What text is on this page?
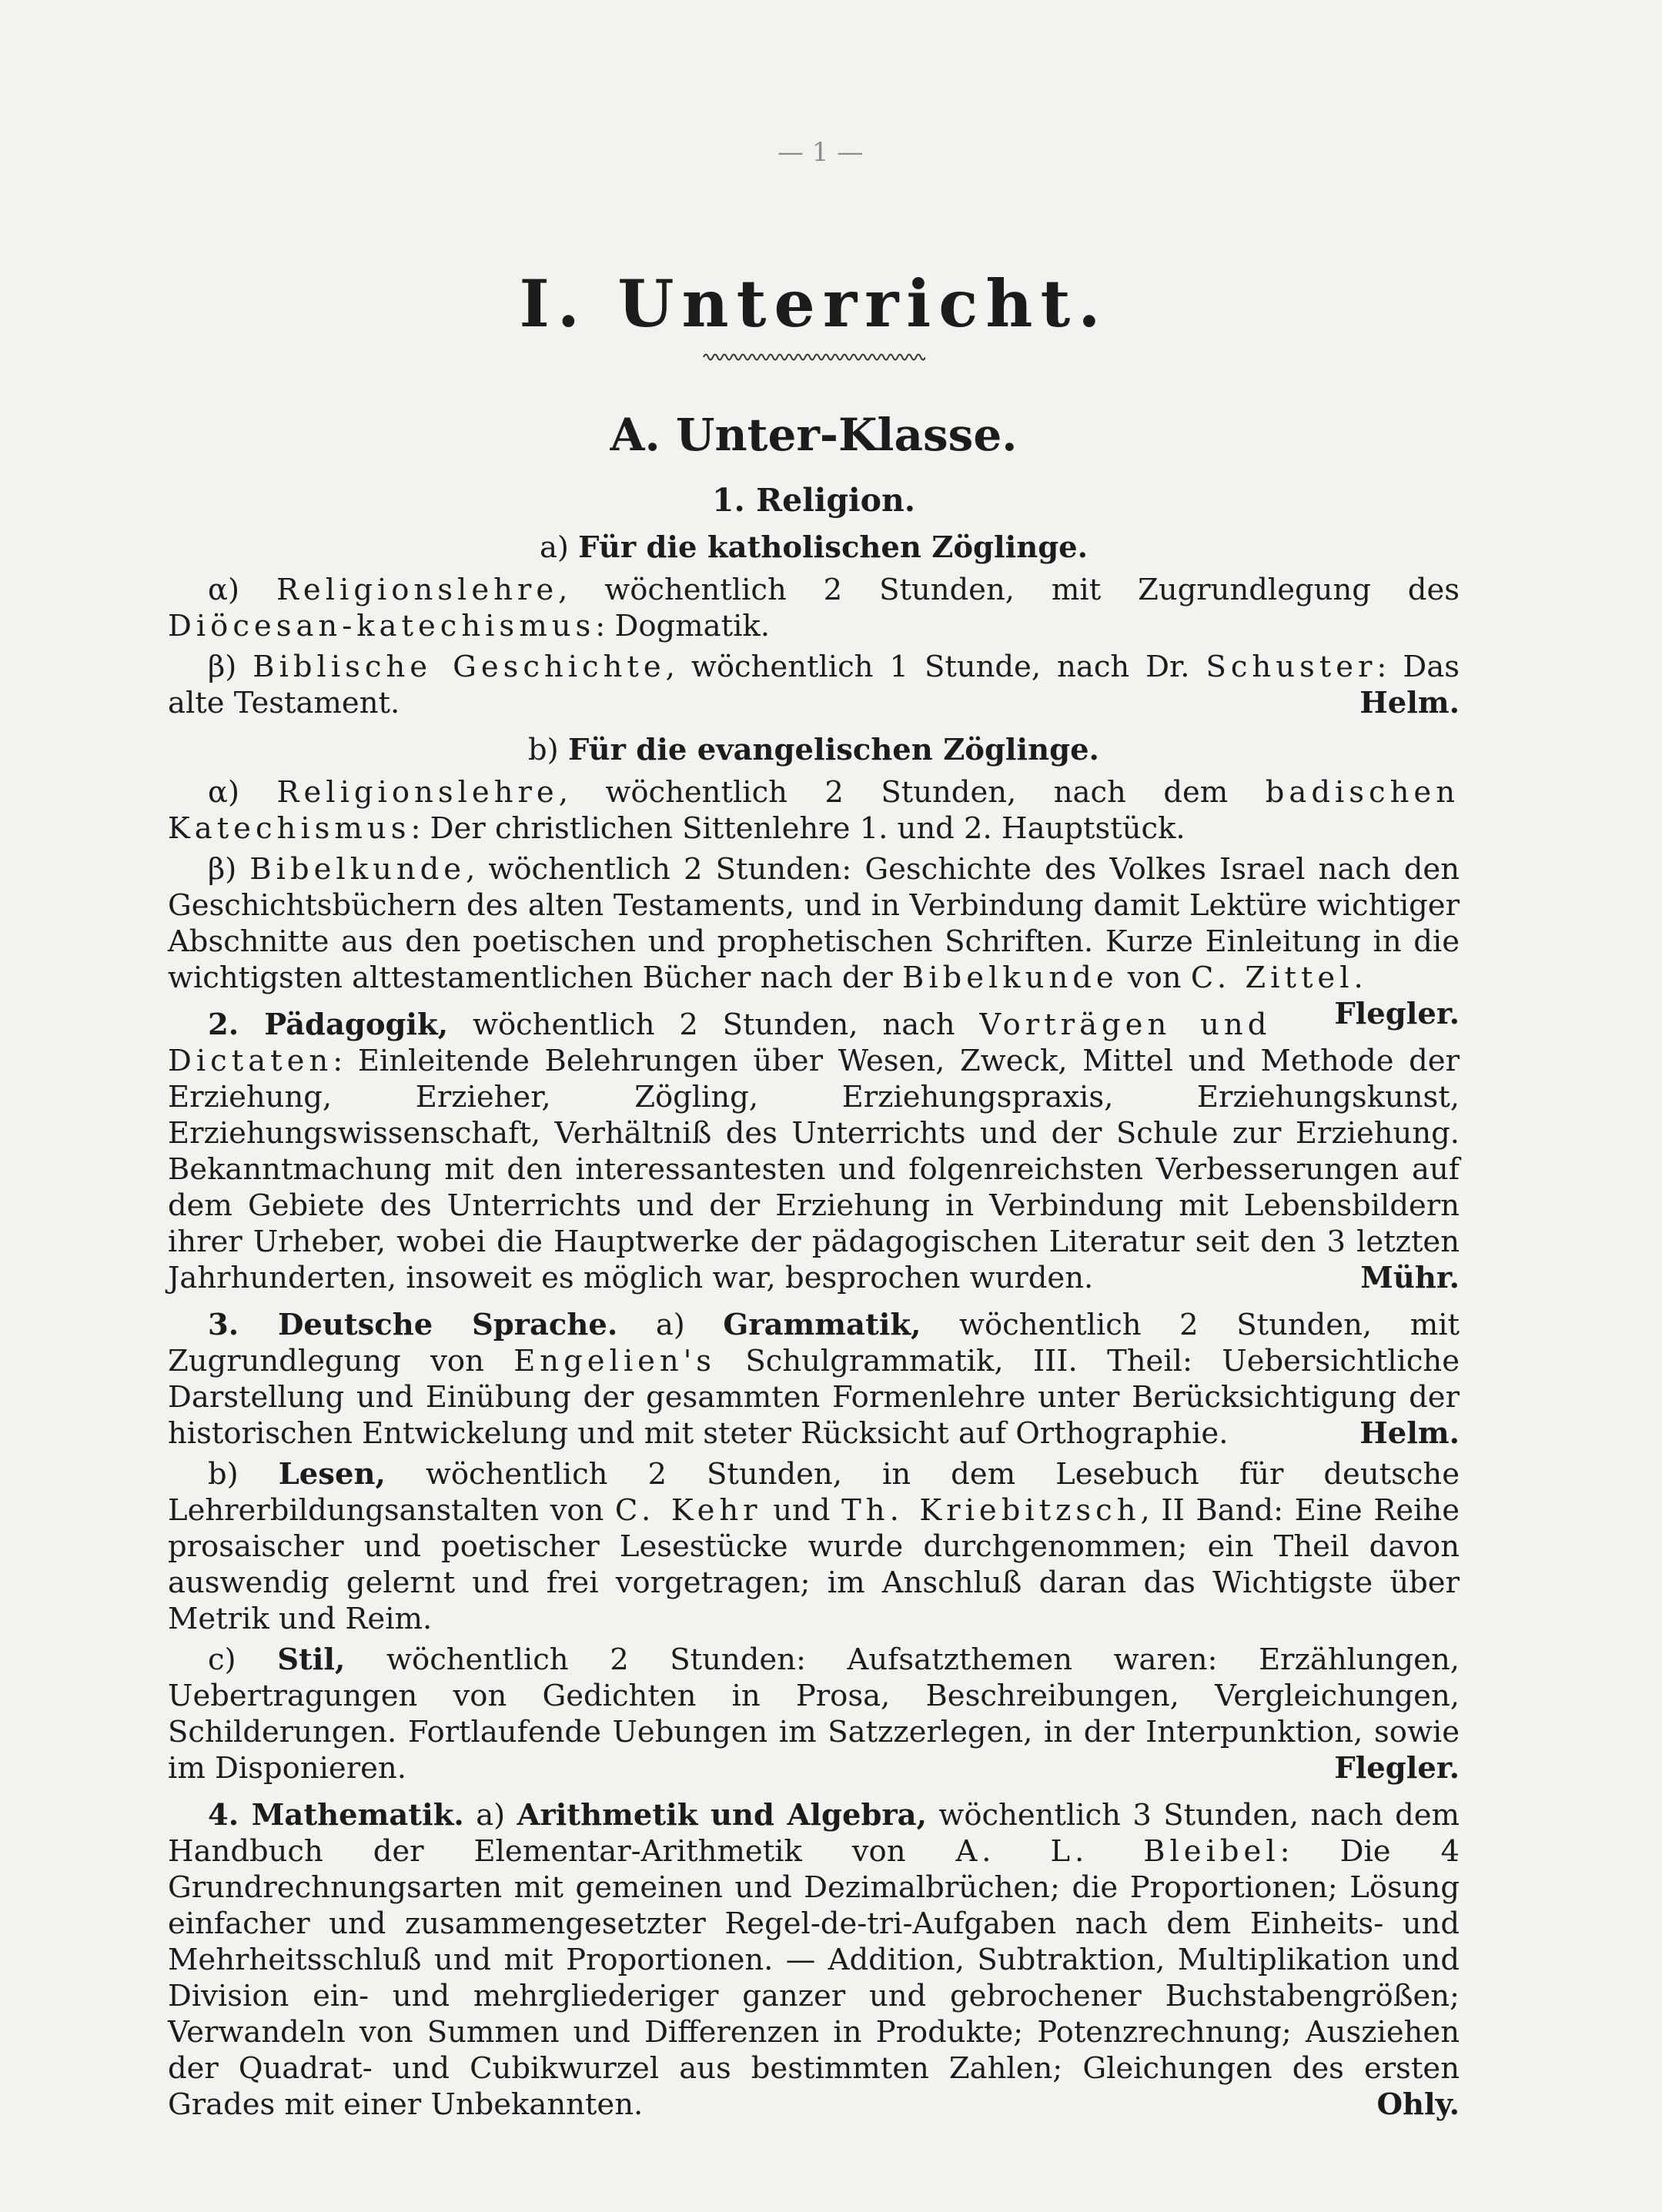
— 1 —
I. Unterricht.
A. Unter-Klasse.
1. Religion.
a) Für die katholischen Zöglinge.

α) Religionslehre, wöchentlich 2 Stunden, mit Zugrundlegung des Diöcesan-katechismus: Dogmatik.

β) Biblische Geschichte, wöchentlich 1 Stunde, nach Dr. Schuster: Das alte Testament.	Helm.

b) Für die evangelischen Zöglinge.

α) Religionslehre, wöchentlich 2 Stunden, nach dem badischen Katechismus: Der christlichen Sittenlehre 1. und 2. Hauptstück.

β) Bibelkunde, wöchentlich 2 Stunden: Geschichte des Volkes Israel nach den Geschichtsbüchern des alten Testaments, und in Verbindung damit Lektüre wichtiger Abschnitte aus den poetischen und prophetischen Schriften. Kurze Einleitung in die wichtigsten alttestamentlichen Bücher nach der Bibelkunde von C. Zittel.
Flegler.

2. Pädagogik, wöchentlich 2 Stunden, nach Vorträgen und Dictaten: Einleitende Belehrungen über Wesen, Zweck, Mittel und Methode der Erziehung, Erzieher, Zögling, Erziehungspraxis, Erziehungskunst, Erziehungswissenschaft, Verhältniß des Unterrichts und der Schule zur Erziehung. Bekanntmachung mit den interessantesten und folgenreichsten Verbesserungen auf dem Gebiete des Unterrichts und der Erziehung in Verbindung mit Lebensbildern ihrer Urheber, wobei die Hauptwerke der pädagogischen Literatur seit den 3 letzten Jahrhunderten, insoweit es möglich war, besprochen wurden.	Mühr.

3. Deutsche Sprache. a) Grammatik, wöchentlich 2 Stunden, mit Zugrundlegung von Engelien's Schulgrammatik, III. Theil: Uebersichtliche Darstellung und Einübung der gesammten Formenlehre unter Berücksichtigung der historischen Entwickelung und mit steter Rücksicht auf Orthographie.	Helm.

b) Lesen, wöchentlich 2 Stunden, in dem Lesebuch für deutsche Lehrerbildungsanstalten von C. Kehr und Th. Kriebitzsch, II Band: Eine Reihe prosaischer und poetischer Lesestücke wurde durchgenommen; ein Theil davon auswendig gelernt und frei vorgetragen; im Anschluß daran das Wichtigste über Metrik und Reim.

c) Stil, wöchentlich 2 Stunden: Aufsatzthemen waren: Erzählungen, Uebertragungen von Gedichten in Prosa, Beschreibungen, Vergleichungen, Schilderungen. Fortlaufende Uebungen im Satzzerlegen, in der Interpunktion, sowie im Disponieren.	Flegler.

4. Mathematik. a) Arithmetik und Algebra, wöchentlich 3 Stunden, nach dem Handbuch der Elementar-Arithmetik von A. L. Bleibel: Die 4 Grundrechnungsarten mit gemeinen und Dezimalbrüchen; die Proportionen; Lösung einfacher und zusammengesetzter Regel-de-tri-Aufgaben nach dem Einheits- und Mehrheitsschluß und mit Proportionen. — Addition, Subtraktion, Multiplikation und Division ein- und mehrgliederiger ganzer und gebrochener Buchstabengrößen; Verwandeln von Summen und Differenzen in Produkte; Potenzrechnung; Ausziehen der Quadrat- und Cubikwurzel aus bestimmten Zahlen; Gleichungen des ersten Grades mit einer Unbekannten.	Ohly.
